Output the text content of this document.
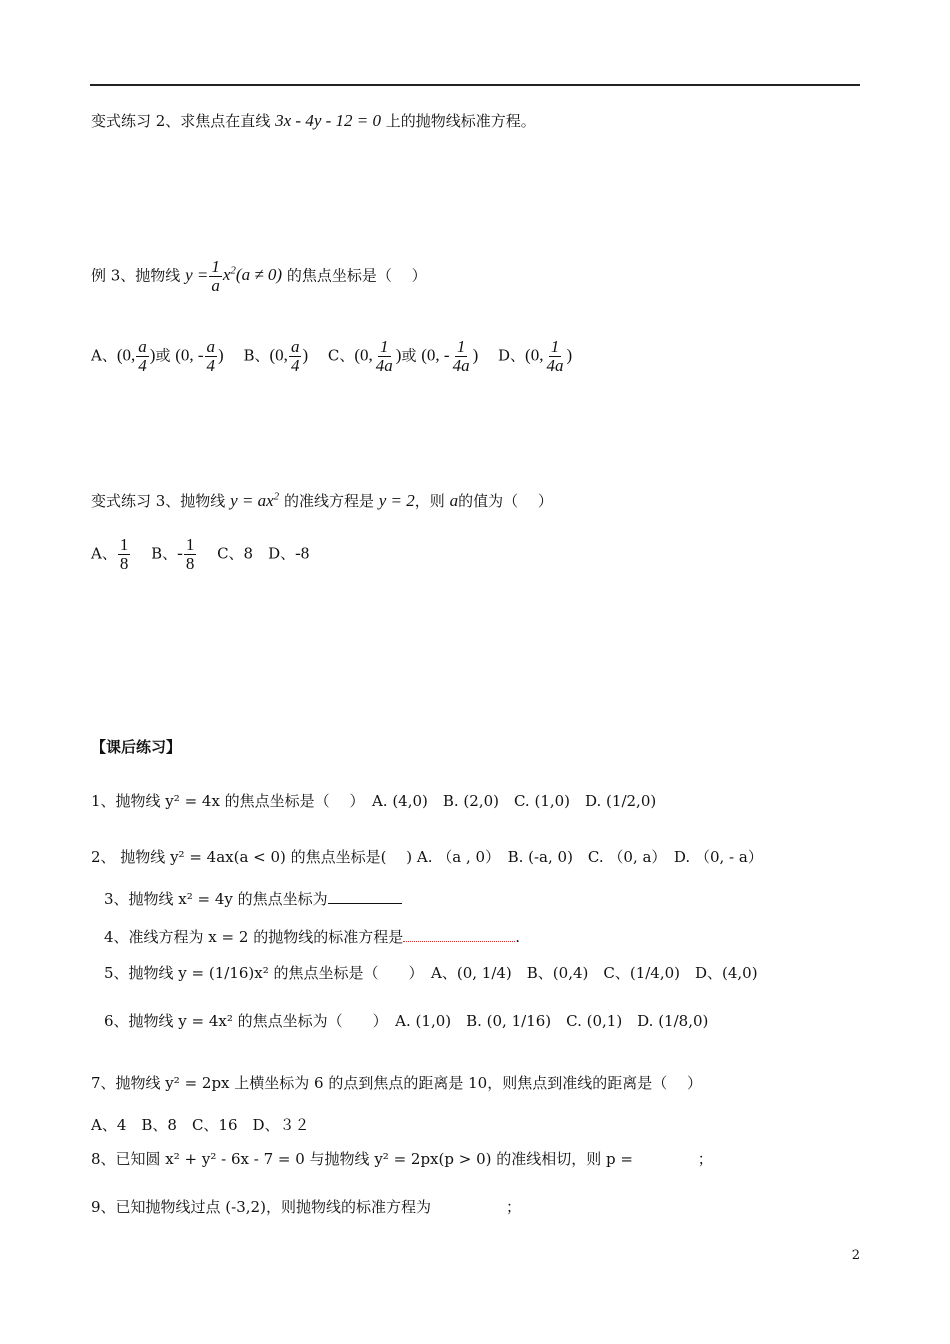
变式练习 2、求焦点在直线 3x - 4y - 12 = 0 上的抛物线标准方程。
例 3、抛物线 $y = \frac{1}{a} x^2(a \ne 0)$ 的焦点坐标是（　 ）
A、(0, $\frac{a}{4}$ )或 (0, - $\frac{a}{4}$ ) 　B、(0, $\frac{a}{4}$ ) 　C、(0, $\frac{1}{4a}$ )或 (0, - $\frac{1}{4a}$ ) 　D、(0, $\frac{1}{4a}$ )
变式练习 3、抛物线 $y = ax^2$ 的准线方程是 y = 2，则 a的值为（　 ）
A、 $\frac{1}{8}$ 　B、- $\frac{1}{8}$ 　C、8　D、-8
【课后练习】
1、抛物线 y² = 4x 的焦点坐标是（　 ）　A. (4,0)　B. (2,0)　C. (1,0)　D. (1/2,0)
2、 抛物线 y² = 4ax(a < 0) 的焦点坐标是(　 ) A. （a , 0）　B. (-a, 0)　C. （0, a）　D. （0, - a）
3、抛物线 x² = 4y 的焦点坐标为
4、准线方程为 x = 2 的抛物线的标准方程是	.
5、抛物线 y = (1/16)x² 的焦点坐标是（　　）　A、(0, 1/4)　B、(0,4)　C、(1/4,0)　D、(4,0)
6、抛物线 y = 4x² 的焦点坐标为（　　）　A. (1,0)　B. (0, 1/16)　C. (0,1)　D. (1/8,0)
7、抛物线 y² = 2px 上横坐标为 6 的点到焦点的距离是 10，则焦点到准线的距离是（　 ）
A、4　B、8　C、16　D、３２
8、已知圆 x² + y² - 6x - 7 = 0 与抛物线 y² = 2px(p > 0) 的准线相切，则 p = 　　　　；
9、已知抛物线过点 (-3,2)，则抛物线的标准方程为　　　　　；
2
